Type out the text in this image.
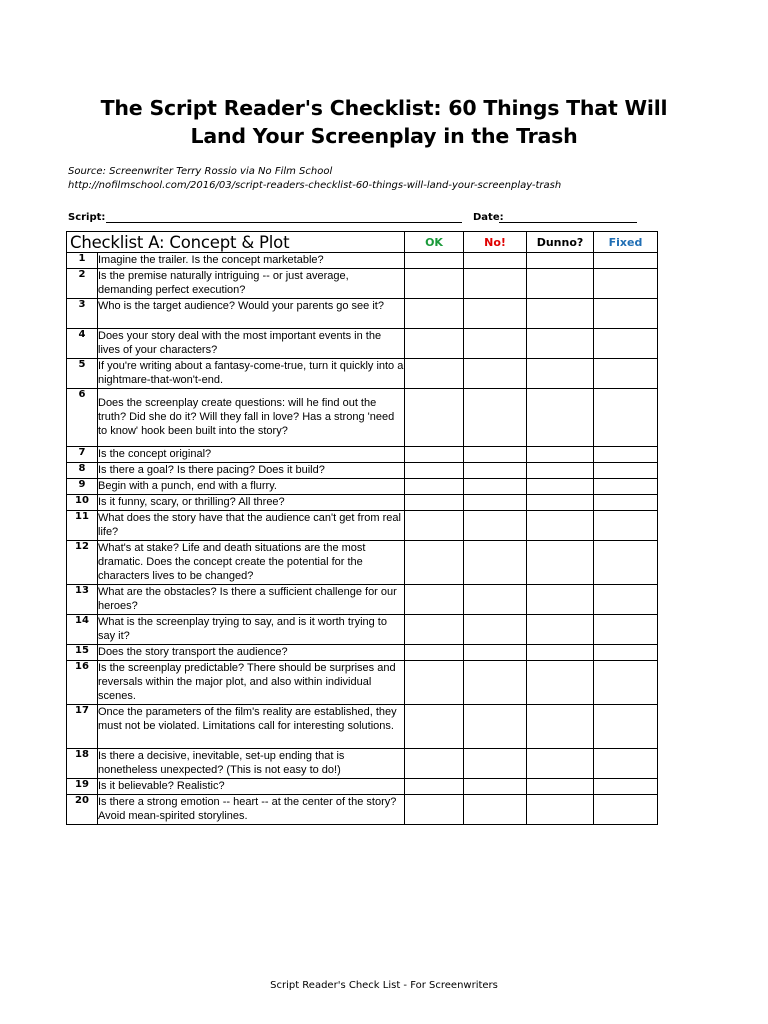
The Script Reader's Checklist: 60 Things That Will
Land Your Screenplay in the Trash
Source: Screenwriter Terry Rossio via No Film School
http://nofilmschool.com/2016/03/script-readers-checklist-60-things-will-land-your-screenplay-trash
Script:	Date:
Checklist A: Concept & Plot		OK	No!	Dunno?	Fixed
1	Imagine the trailer. Is the concept marketable?				
2	Is the premise naturally intriguing -- or just average, demanding perfect execution?				
3	Who is the target audience? Would your parents go see it?				
4	Does your story deal with the most important events in the lives of your characters?				
5	If you're writing about a fantasy-come-true, turn it quickly into a nightmare-that-won't-end.				
6	Does the screenplay create questions: will he find out the truth? Did she do it? Will they fall in love? Has a strong 'need to know' hook been built into the story?				
7	Is the concept original?				
8	Is there a goal? Is there pacing? Does it build?				
9	Begin with a punch, end with a flurry.				
10	Is it funny, scary, or thrilling? All three?				
11	What does the story have that the audience can't get from real life?				
12	What's at stake? Life and death situations are the most dramatic. Does the concept create the potential for the characters lives to be changed?				
13	What are the obstacles? Is there a sufficient challenge for our heroes?				
14	What is the screenplay trying to say, and is it worth trying to say it?				
15	Does the story transport the audience?				
16	Is the screenplay predictable? There should be surprises and reversals within the major plot, and also within individual scenes.				
17	Once the parameters of the film's reality are established, they must not be violated. Limitations call for interesting solutions.				
18	Is there a decisive, inevitable, set-up ending that is nonetheless unexpected? (This is not easy to do!)				
19	Is it believable? Realistic?				
20	Is there a strong emotion -- heart -- at the center of the story? Avoid mean-spirited storylines.				
Script Reader's Check List - For Screenwriters
